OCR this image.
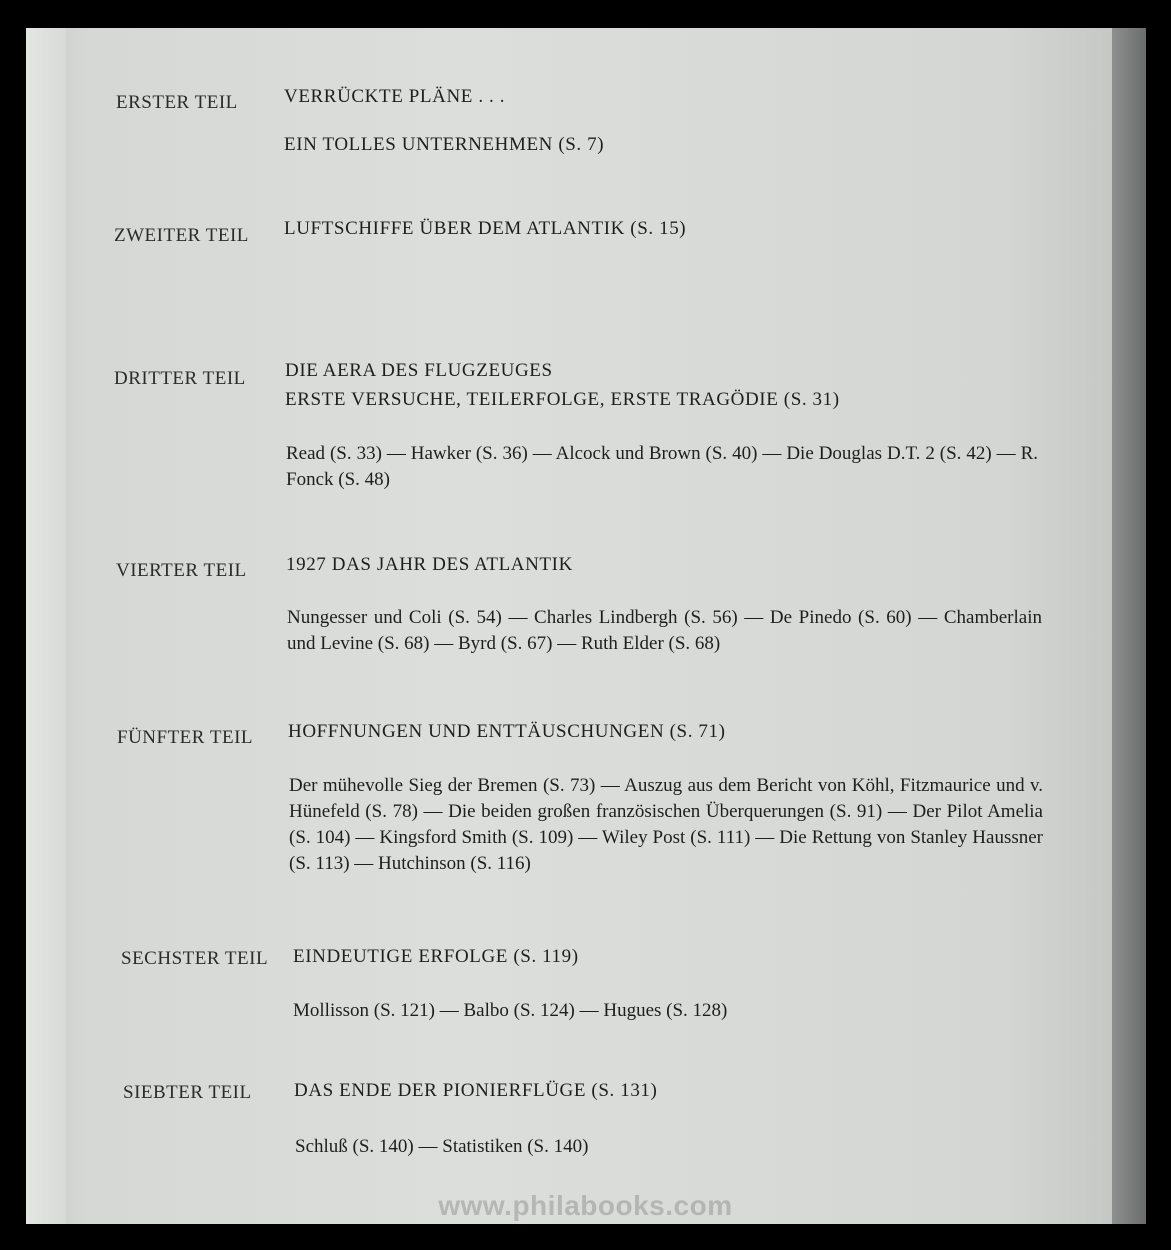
ERSTER TEIL VERRÜCKTE PLÄNE . . .
EIN TOLLES UNTERNEHMEN (S. 7)
ZWEITER TEIL LUFTSCHIFFE ÜBER DEM ATLANTIK (S. 15)
DRITTER TEIL DIE AERA DES FLUGZEUGES
ERSTE VERSUCHE, TEILERFOLGE, ERSTE TRAGÖDIE (S. 31)
Read (S. 33) — Hawker (S. 36) — Alcock und Brown (S. 40) — Die Douglas D.T. 2 (S. 42) — R. Fonck (S. 48)
VIERTER TEIL 1927 DAS JAHR DES ATLANTIK
Nungesser und Coli (S. 54) — Charles Lindbergh (S. 56) — De Pinedo (S. 60) — Chamberlain und Levine (S. 68) — Byrd (S. 67) — Ruth Elder (S. 68)
FÜNFTER TEIL HOFFNUNGEN UND ENTTÄUSCHUNGEN (S. 71)
Der mühevolle Sieg der Bremen (S. 73) — Auszug aus dem Bericht von Köhl, Fitzmaurice und v. Hünefeld (S. 78) — Die beiden großen französischen Überquerungen (S. 91) — Der Pilot Amelia (S. 104) — Kingsford Smith (S. 109) — Wiley Post (S. 111) — Die Rettung von Stanley Haussner (S. 113) — Hutchinson (S. 116)
SECHSTER TEIL EINDEUTIGE ERFOLGE (S. 119)
Mollisson (S. 121) — Balbo (S. 124) — Hugues (S. 128)
SIEBTER TEIL DAS ENDE DER PIONIERFLÜGE (S. 131)
Schluß (S. 140) — Statistiken (S. 140)
www.philabooks.com
